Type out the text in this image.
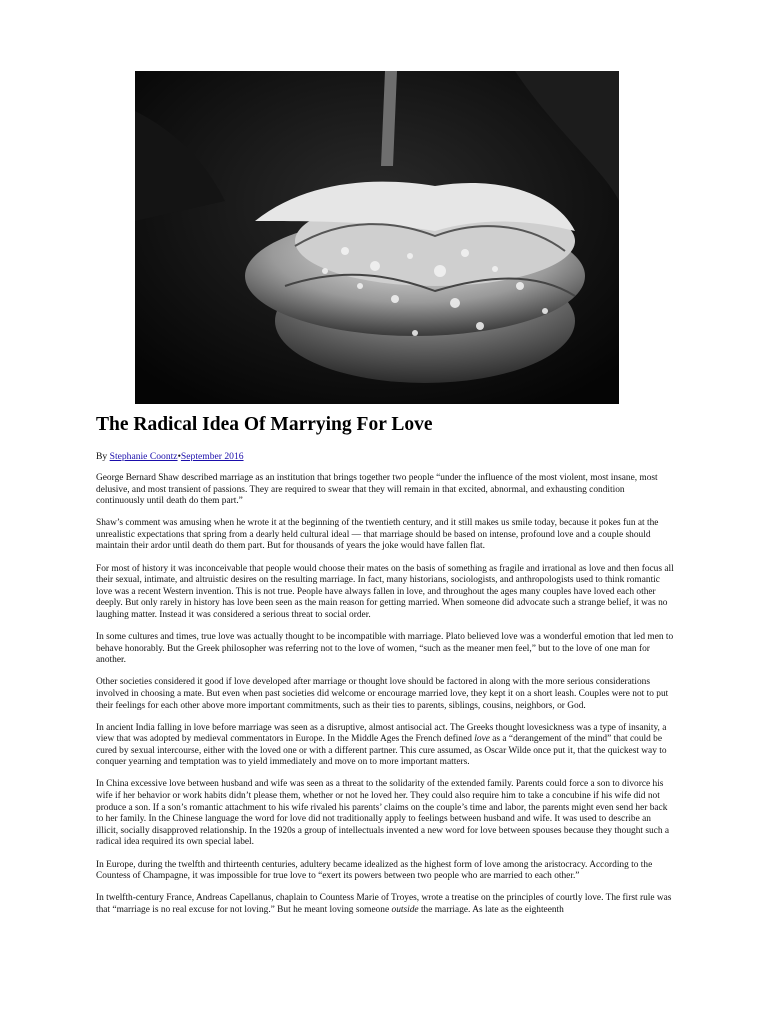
The Radical Idea Of Marrying For Love
By Stephanie Coontz•September 2016

George Bernard Shaw described marriage as an institution that brings together two people “under the influence of the most violent, most insane, most delusive, and most transient of passions. They are required to swear that they will remain in that excited, abnormal, and exhausting condition continuously until death do them part.”

Shaw’s comment was amusing when he wrote it at the beginning of the twentieth century, and it still makes us smile today, because it pokes fun at the unrealistic expectations that spring from a dearly held cultural ideal — that marriage should be based on intense, profound love and a couple should maintain their ardor until death do them part. But for thousands of years the joke would have fallen flat.

For most of history it was inconceivable that people would choose their mates on the basis of something as fragile and irrational as love and then focus all their sexual, intimate, and altruistic desires on the resulting marriage. In fact, many historians, sociologists, and anthropologists used to think romantic love was a recent Western invention. This is not true. People have always fallen in love, and throughout the ages many couples have loved each other deeply. But only rarely in history has love been seen as the main reason for getting married. When someone did advocate such a strange belief, it was no laughing matter. Instead it was considered a serious threat to social order.

In some cultures and times, true love was actually thought to be incompatible with marriage. Plato believed love was a wonderful emotion that led men to behave honorably. But the Greek philosopher was referring not to the love of women, “such as the meaner men feel,” but to the love of one man for another.

Other societies considered it good if love developed after marriage or thought love should be factored in along with the more serious considerations involved in choosing a mate. But even when past societies did welcome or encourage married love, they kept it on a short leash. Couples were not to put their feelings for each other above more important commitments, such as their ties to parents, siblings, cousins, neighbors, or God.

In ancient India falling in love before marriage was seen as a disruptive, almost antisocial act. The Greeks thought lovesickness was a type of insanity, a view that was adopted by medieval commentators in Europe. In the Middle Ages the French defined love as a “derangement of the mind” that could be cured by sexual intercourse, either with the loved one or with a different partner. This cure assumed, as Oscar Wilde once put it, that the quickest way to conquer yearning and temptation was to yield immediately and move on to more important matters.

In China excessive love between husband and wife was seen as a threat to the solidarity of the extended family. Parents could force a son to divorce his wife if her behavior or work habits didn’t please them, whether or not he loved her. They could also require him to take a concubine if his wife did not produce a son. If a son’s romantic attachment to his wife rivaled his parents’ claims on the couple’s time and labor, the parents might even send her back to her family. In the Chinese language the word for love did not traditionally apply to feelings between husband and wife. It was used to describe an illicit, socially disapproved relationship. In the 1920s a group of intellectuals invented a new word for love between spouses because they thought such a radical idea required its own special label.

In Europe, during the twelfth and thirteenth centuries, adultery became idealized as the highest form of love among the aristocracy. According to the Countess of Champagne, it was impossible for true love to “exert its powers between two people who are married to each other.”

In twelfth-century France, Andreas Capellanus, chaplain to Countess Marie of Troyes, wrote a treatise on the principles of courtly love. The first rule was that “marriage is no real excuse for not loving.” But he meant loving someone outside the marriage. As late as the eighteenth
